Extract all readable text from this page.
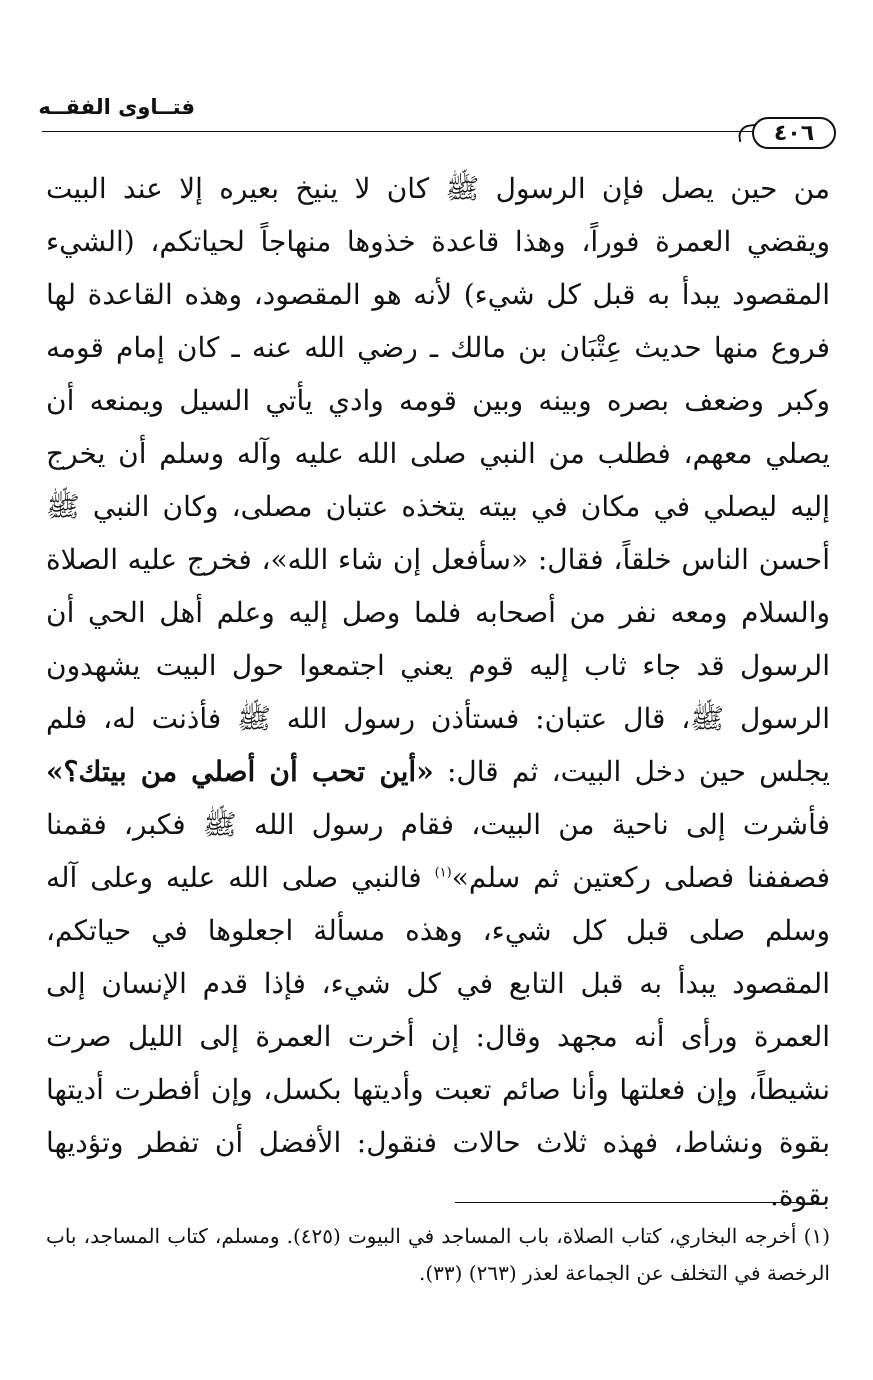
فتــاوى الفقــه
٤٠٦

من حين يصل فإن الرسول ﷺ كان لا ينيخ بعيره إلا عند البيت ويقضي العمرة فوراً، وهذا قاعدة خذوها منهاجاً لحياتكم، (الشيء المقصود يبدأ به قبل كل شيء) لأنه هو المقصود، وهذه القاعدة لها فروع منها حديث عِتْبَان بن مالك ـ رضي الله عنه ـ كان إمام قومه وكبر وضعف بصره وبينه وبين قومه وادي يأتي السيل ويمنعه أن يصلي معهم، فطلب من النبي صلى الله عليه وآله وسلم أن يخرج إليه ليصلي في مكان في بيته يتخذه عتبان مصلى، وكان النبي ﷺ أحسن الناس خلقاً، فقال: «سأفعل إن شاء الله»، فخرج عليه الصلاة والسلام ومعه نفر من أصحابه فلما وصل إليه وعلم أهل الحي أن الرسول قد جاء ثاب إليه قوم يعني اجتمعوا حول البيت يشهدون الرسول ﷺ، قال عتبان: فستأذن رسول الله ﷺ فأذنت له، فلم يجلس حين دخل البيت، ثم قال: «أين تحب أن أصلي من بيتك؟» فأشرت إلى ناحية من البيت، فقام رسول الله ﷺ فكبر، فقمنا فصففنا فصلى ركعتين ثم سلم»$^{(١)}$ فالنبي صلى الله عليه وعلى آله وسلم صلى قبل كل شيء، وهذه مسألة اجعلوها في حياتكم، المقصود يبدأ به قبل التابع في كل شيء، فإذا قدم الإنسان إلى العمرة ورأى أنه مجهد وقال: إن أخرت العمرة إلى الليل صرت نشيطاً، وإن فعلتها وأنا صائم تعبت وأديتها بكسل، وإن أفطرت أديتها بقوة ونشاط، فهذه ثلاث حالات فنقول: الأفضل أن تفطر وتؤديها بقوة.

(١) أخرجه البخاري، كتاب الصلاة، باب المساجد في البيوت (٤٢٥). ومسلم، كتاب المساجد، باب الرخصة في التخلف عن الجماعة لعذر (٢٦٣) (٣٣).
